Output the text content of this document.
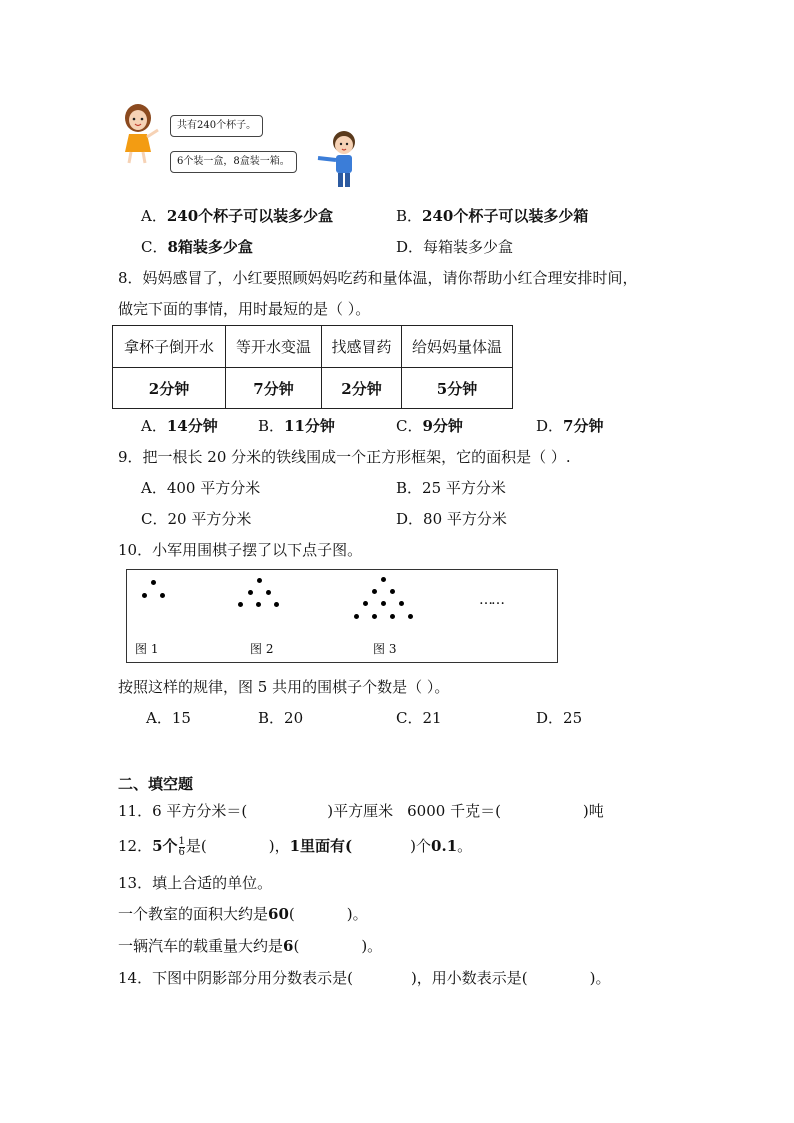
共有240个杯子。
6个装一盒，8盒装一箱。
A．240个杯子可以装多少盒	B．240个杯子可以装多少箱
C．8箱装多少盒	D．每箱装多少盒
8．妈妈感冒了，小红要照顾妈妈吃药和量体温，请你帮助小红合理安排时间，
做完下面的事情，用时最短的是（ ）。
拿杯子倒开水	等开水变温	找感冒药	给妈妈量体温
2分钟	7分钟	2分钟	5分钟
A．14分钟	B．11分钟	C．9分钟	D．7分钟
9．把一根长 20 分米的铁线围成一个正方形框架，它的面积是（ ）.
A．400 平方分米	B．25 平方分米
C．20 平方分米	D．80 平方分米
10．小军用围棋子摆了以下点子图。
……
图 1	图 2	图 3
按照这样的规律，图 5 共用的围棋子个数是（ ）。
A．15	B．20	C．21	D．25
二、填空题
11．6 平方分米＝(	)平方厘米 6000 千克＝(	)吨
12．5个 $\frac{1}{6}$ 是(	)，1里面有(	)个0.1。
13．填上合适的单位。
一个教室的面积大约是60(	)。
一辆汽车的载重量大约是6(	)。
14．下图中阴影部分用分数表示是(	)，用小数表示是(	)。
